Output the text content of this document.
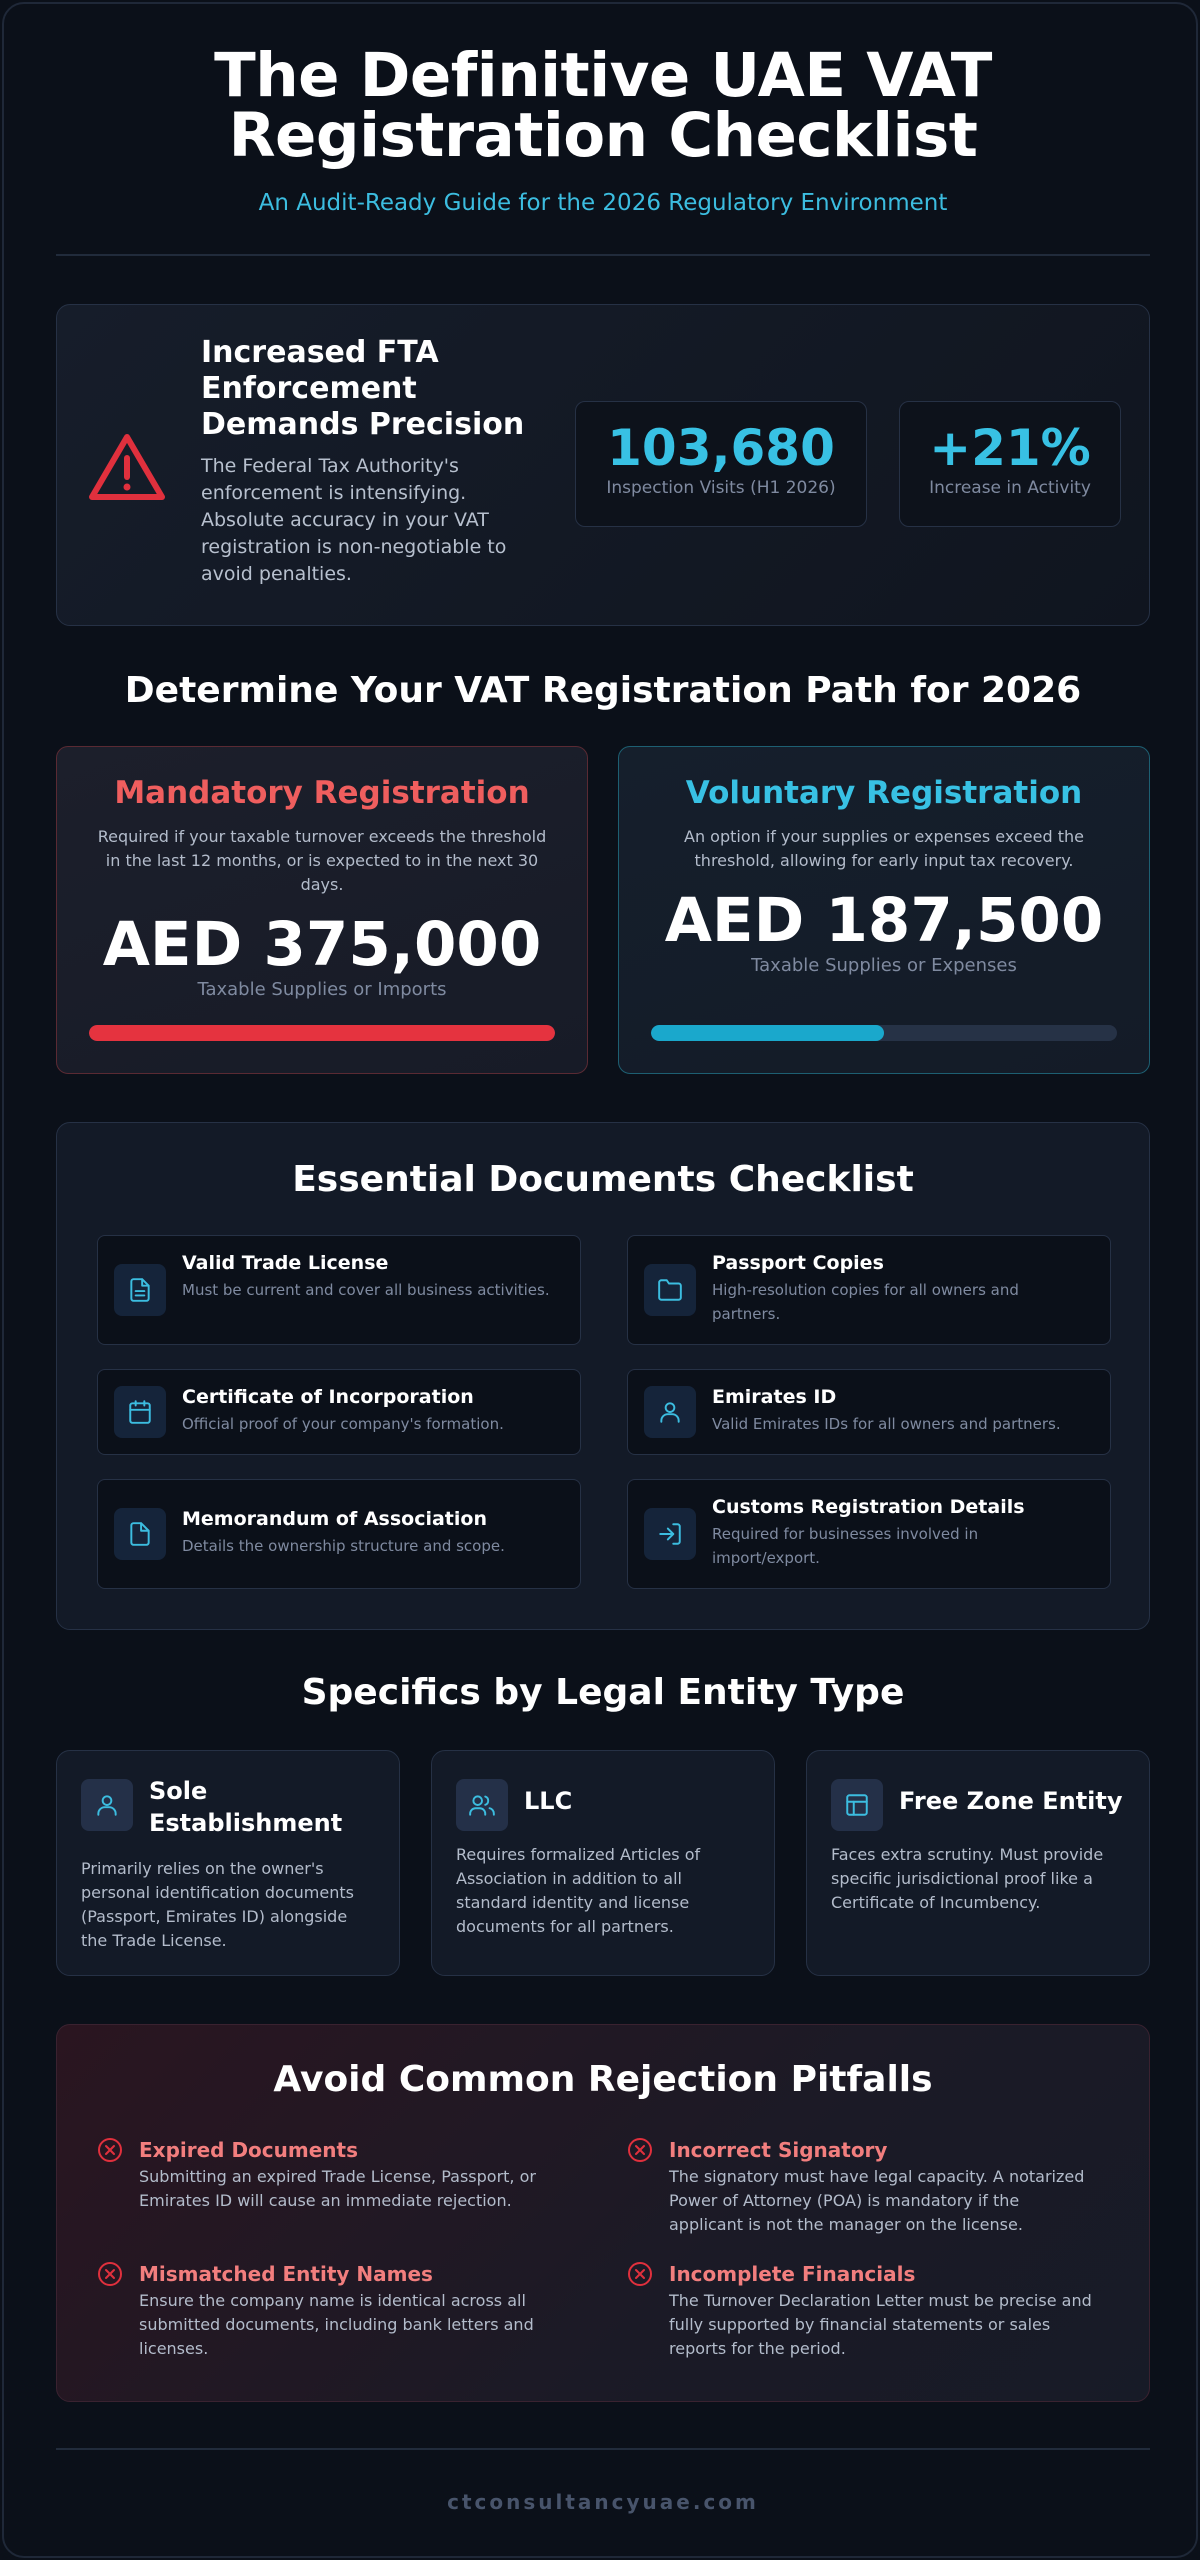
The Definitive UAE VAT
Registration Checklist
An Audit-Ready Guide for the 2026 Regulatory Environment
Increased FTA Enforcement Demands Precision
The Federal Tax Authority's enforcement is intensifying. Absolute accuracy in your VAT registration is non-negotiable to avoid penalties.
103,680
Inspection Visits (H1 2026)
+21%
Increase in Activity
Determine Your VAT Registration Path for 2026
Mandatory Registration
Required if your taxable turnover exceeds the threshold in the last 12 months, or is expected to in the next 30 days.
AED 375,000
Taxable Supplies or Imports
Voluntary Registration
An option if your supplies or expenses exceed the threshold, allowing for early input tax recovery.
AED 187,500
Taxable Supplies or Expenses
Essential Documents Checklist
Valid Trade License
Must be current and cover all business activities.
Passport Copies
High-resolution copies for all owners and partners.
Certificate of Incorporation
Official proof of your company's formation.
Emirates ID
Valid Emirates IDs for all owners and partners.
Memorandum of Association
Details the ownership structure and scope.
Customs Registration Details
Required for businesses involved in import/export.
Specifics by Legal Entity Type
Sole Establishment
Primarily relies on the owner's personal identification documents (Passport, Emirates ID) alongside the Trade License.
LLC
Requires formalized Articles of Association in addition to all standard identity and license documents for all partners.
Free Zone Entity
Faces extra scrutiny. Must provide specific jurisdictional proof like a Certificate of Incumbency.
Avoid Common Rejection Pitfalls
Expired Documents
Submitting an expired Trade License, Passport, or Emirates ID will cause an immediate rejection.
Incorrect Signatory
The signatory must have legal capacity. A notarized Power of Attorney (POA) is mandatory if the applicant is not the manager on the license.
Mismatched Entity Names
Ensure the company name is identical across all submitted documents, including bank letters and licenses.
Incomplete Financials
The Turnover Declaration Letter must be precise and fully supported by financial statements or sales reports for the period.
ctconsultancyuae.com
